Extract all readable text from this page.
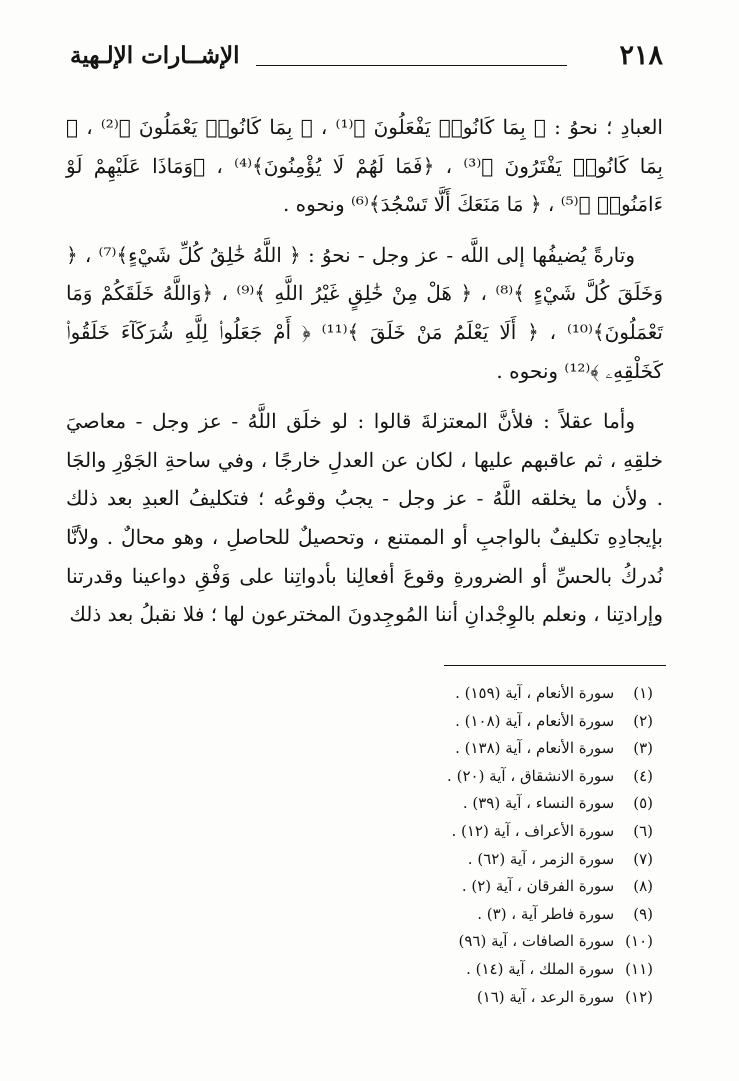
الإشــارات الإلـهية	٢١٨

العبادِ ؛ نحوُ : ﴿ بِمَا كَانُوا۟ يَفْعَلُونَ ﴾⁽¹⁾ ، ﴿ بِمَا كَانُوا۟ يَعْمَلُونَ ﴾⁽²⁾ ، ﴿ بِمَا كَانُوا۟ يَفْتَرُونَ ﴾⁽³⁾ ، ﴿فَمَا لَهُمْ لَا يُؤْمِنُونَ﴾⁽⁴⁾ ، ﴿وَمَاذَا عَلَيْهِمْ لَوْ ءَامَنُوا۟ ﴾⁽⁵⁾ ، ﴿ مَا مَنَعَكَ أَلَّا تَسْجُدَ﴾⁽⁶⁾ ونحوه .

وتارةً يُضيفُها إلى اللَّه - عز وجل - نحوُ : ﴿ اللَّهُ خَٰلِقُ كُلِّ شَيْءٍ﴾⁽⁷⁾ ، ﴿ وَخَلَقَ كُلَّ شَيْءٍ ﴾⁽⁸⁾ ، ﴿ هَلْ مِنْ خَٰلِقٍ غَيْرُ اللَّهِ ﴾⁽⁹⁾ ، ﴿وَاللَّهُ خَلَقَكُمْ وَمَا تَعْمَلُونَ﴾⁽¹⁰⁾ ، ﴿ أَلَا يَعْلَمُ مَنْ خَلَقَ ﴾⁽¹¹⁾ ﴿ أَمْ جَعَلُوا۟ لِلَّهِ شُرَكَآءَ خَلَقُوا۟ كَخَلْقِهِۦ ﴾⁽¹²⁾ ونحوه .

وأما عقلاً : فلأنَّ المعتزلةَ قالوا : لو خلَق اللَّهُ - عز وجل - معاصيَ خلقِهِ ، ثم عاقبهم عليها ، لكان عن العدلِ خارجًا ، وفي ساحةِ الجَوْرِ والجَا . ولأن ما يخلقه اللَّهُ - عز وجل - يجبُ وقوعُه ؛ فتكليفُ العبدِ بعد ذلك بإيجادِهِ تكليفٌ بالواجبِ أو الممتنع ، وتحصيلٌ للحاصلِ ، وهو محالٌ . ولأنَّا نُدركُ بالحسِّ أو الضرورةِ وقوعَ أفعالِنا بأدواتِنا على وَفْقِ دواعينا وقدرتنا وإرادتِنا ، ونعلم بالوِجْدانِ أننا المُوجِدونَ المخترعون لها ؛ فلا نقبلُ بعد ذلك

(١) سورة الأنعام ، آية (١٥٩) .
(٢) سورة الأنعام ، آية (١٠٨) .
(٣) سورة الأنعام ، آية (١٣٨) .
(٤) سورة الانشقاق ، آية (٢٠) .
(٥) سورة النساء ، آية (٣٩) .
(٦) سورة الأعراف ، آية (١٢) .
(٧) سورة الزمر ، آية (٦٢) .
(٨) سورة الفرقان ، آية (٢) .
(٩) سورة فاطر آية ، (٣) .
(١٠) سورة الصافات ، آية (٩٦)
(١١) سورة الملك ، آية (١٤) .
(١٢) سورة الرعد ، آية (١٦)
